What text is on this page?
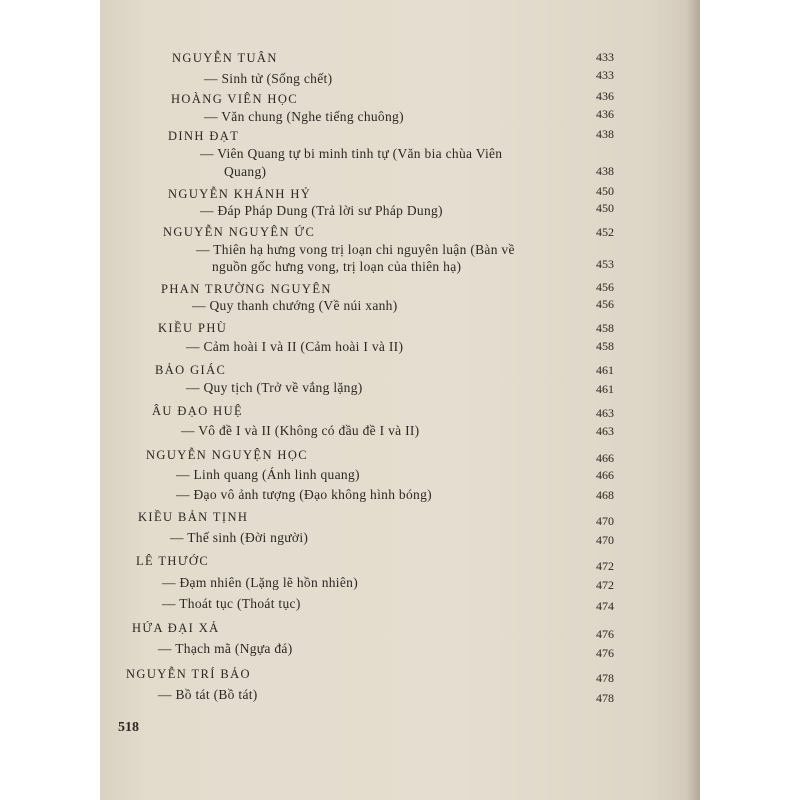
NGUYỄN TUÂN	433
— Sinh tử (Sống chết)	433
HOÀNG VIÊN HỌC	436
— Văn chung (Nghe tiếng chuông)	436
DINH ĐẠT	438
— Viên Quang tự bi minh tinh tự (Văn bia chùa Viên
Quang)	438
NGUYỄN KHÁNH HỶ	450
— Đáp Pháp Dung (Trả lời sư Pháp Dung)	450
NGUYỄN NGUYÊN ỨC	452
— Thiên hạ hưng vong trị loạn chi nguyên luận (Bàn về
nguồn gốc hưng vong, trị loạn của thiên hạ)	453
PHAN TRƯỜNG NGUYÊN	456
— Quy thanh chướng (Về núi xanh)	456
KIỀU PHÙ	458
— Cảm hoài I và II (Cảm hoài I và II)	458
BẢO GIÁC	461
— Quy tịch (Trở về vắng lặng)	461
ÂU ĐẠO HUỆ	463
— Vô đề I và II (Không có đầu đề I và II)	463
NGUYỄN NGUYỆN HỌC	466
— Linh quang (Ánh linh quang)	466
— Đạo vô ảnh tượng (Đạo không hình bóng)	468
KIỀU BẢN TỊNH	470
— Thế sinh (Đời người)	470
LÊ THƯỚC	472
— Đạm nhiên (Lặng lẽ hồn nhiên)	472
— Thoát tục (Thoát tục)	474
HỨA ĐẠI XẢ	476
— Thạch mã (Ngựa đá)	476
NGUYỄN TRÍ BẢO	478
— Bồ tát (Bồ tát)	478
518
